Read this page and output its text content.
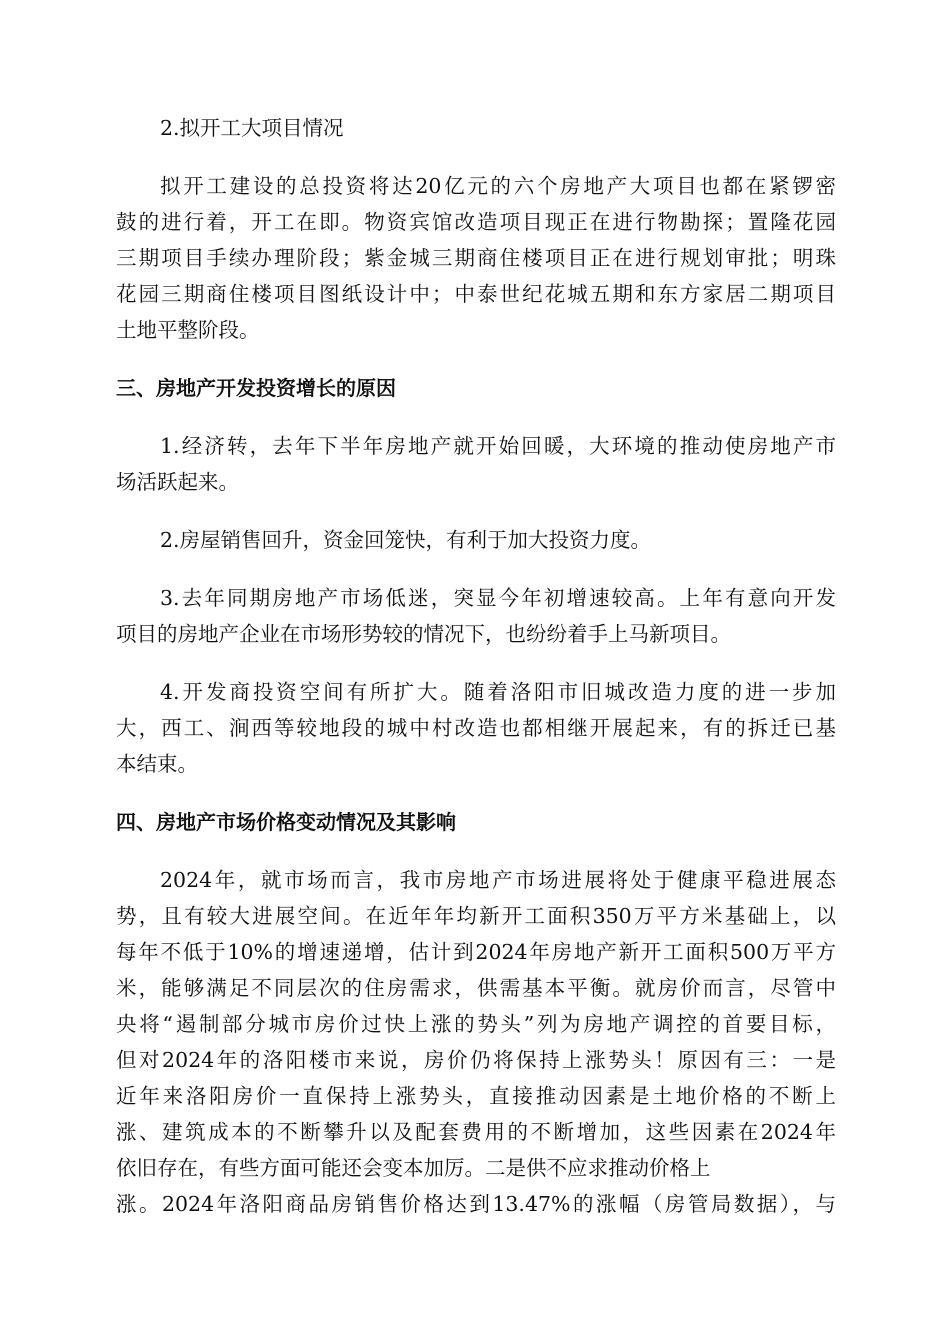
2.拟开工大项目情况
拟开工建设的总投资将达20亿元的六个房地产大项目也都在紧锣密
鼓的进行着，开工在即。物资宾馆改造项目现正在进行物勘探；置隆花园
三期项目手续办理阶段；紫金城三期商住楼项目正在进行规划审批；明珠
花园三期商住楼项目图纸设计中；中泰世纪花城五期和东方家居二期项目
土地平整阶段。
三、房地产开发投资增长的原因
1.经济转，去年下半年房地产就开始回暖，大环境的推动使房地产市
场活跃起来。
2.房屋销售回升，资金回笼快，有利于加大投资力度。
3.去年同期房地产市场低迷，突显今年初增速较高。上年有意向开发
项目的房地产企业在市场形势较的情况下，也纷纷着手上马新项目。
4.开发商投资空间有所扩大。随着洛阳市旧城改造力度的进一步加
大，西工、涧西等较地段的城中村改造也都相继开展起来，有的拆迁已基
本结束。
四、房地产市场价格变动情况及其影响
2024年，就市场而言，我市房地产市场进展将处于健康平稳进展态
势，且有较大进展空间。在近年年均新开工面积350万平方米基础上，以
每年不低于10%的增速递增，估计到2024年房地产新开工面积500万平方
米，能够满足不同层次的住房需求，供需基本平衡。就房价而言，尽管中
央将“遏制部分城市房价过快上涨的势头”列为房地产调控的首要目标，
但对2024年的洛阳楼市来说，房价仍将保持上涨势头！原因有三：一是
近年来洛阳房价一直保持上涨势头，直接推动因素是土地价格的不断上
涨、建筑成本的不断攀升以及配套费用的不断增加，这些因素在2024年
依旧存在，有些方面可能还会变本加厉。二是供不应求推动价格上
涨。2024年洛阳商品房销售价格达到13.47%的涨幅（房管局数据），与
